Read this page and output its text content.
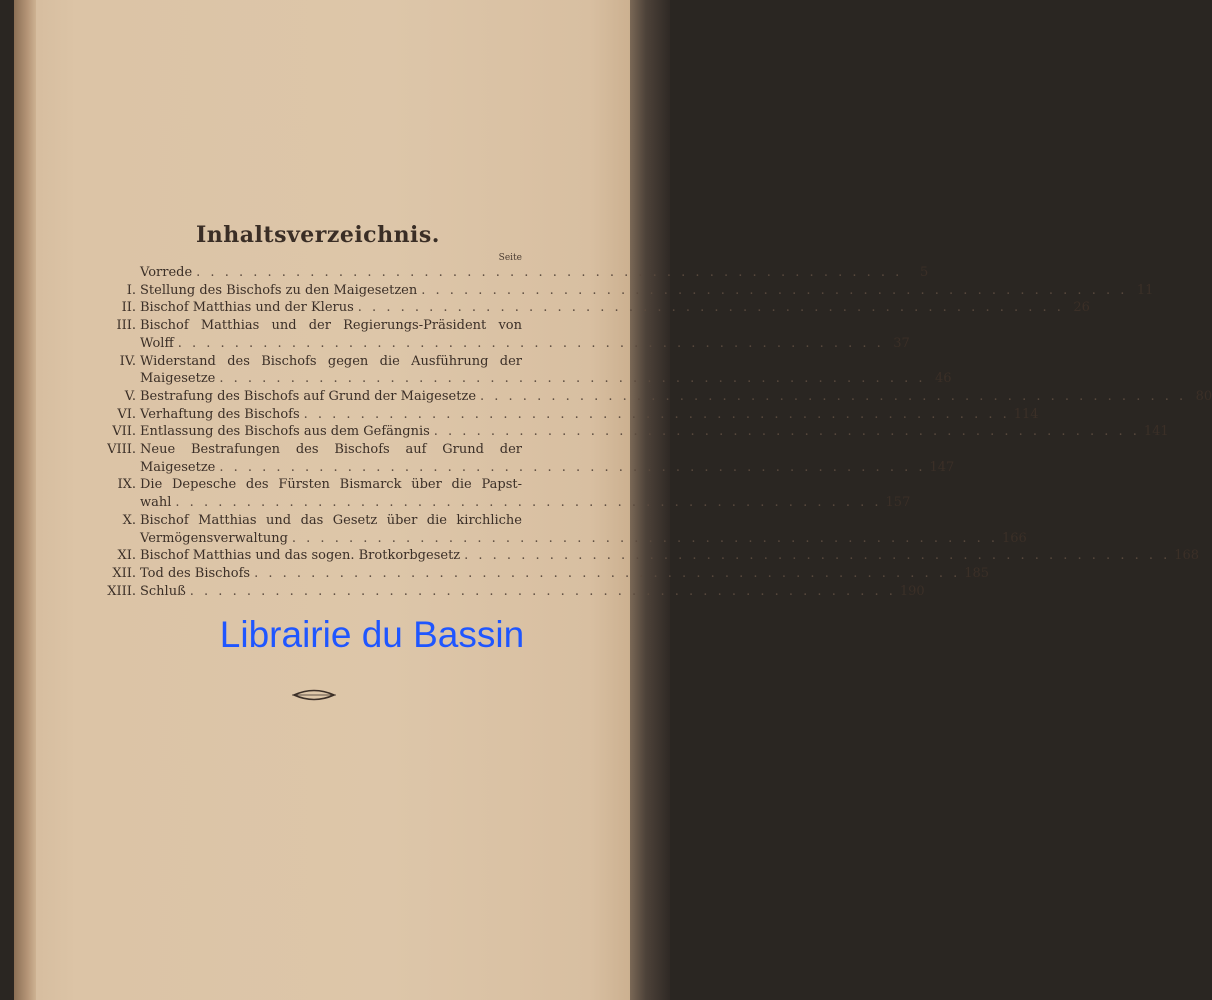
Inhaltsverzeichnis.
Seite
Vorrede . . .	5
I. Stellung des Bischofs zu den Maigesetzen . . .	11
II. Bischof Matthias und der Klerus . . .	26
III. Bischof Matthias und der Regierungs-Präsident von
Wolff . . .	37
IV. Widerstand des Bischofs gegen die Ausführung der
Maigesetze . . .	46
V. Bestrafung des Bischofs auf Grund der Maigesetze . . .	80
VI. Verhaftung des Bischofs . . .	114
VII. Entlassung des Bischofs aus dem Gefängnis . . .	141
VIII. Neue Bestrafungen des Bischofs auf Grund der
Maigesetze . . .	147
IX. Die Depesche des Fürsten Bismarck über die Papst-
wahl . . .	157
X. Bischof Matthias und das Gesetz über die kirchliche
Vermögensverwaltung . . .	166
XI. Bischof Matthias und das sogen. Brotkorbgesetz . . .	168
XII. Tod des Bischofs . . .	185
XIII. Schluß . . .	190
Librairie du Bassin
